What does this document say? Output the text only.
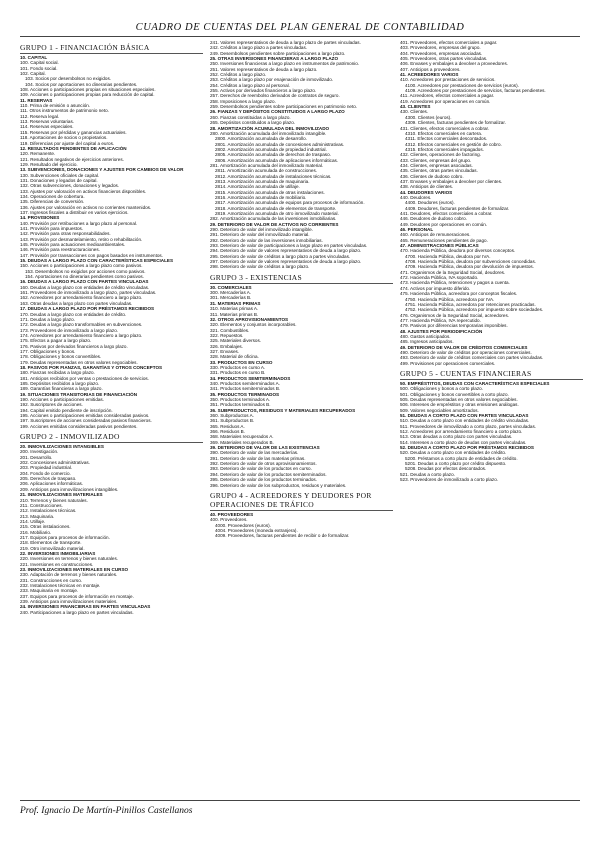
CUADRO DE CUENTAS DEL PLAN GENERAL DE CONTABILIDAD
GRUPO 1 - FINANCIACIÓN BÁSICA
10. CAPITAL
100. Capital social.
101. Fondo social.
102. Capital.
103. Socios por desembolsos no exigidos.
104. Socios por aportaciones no dinerarias pendientes.
108. Acciones o participaciones propias en situaciones especiales.
109. Acciones o participaciones propias para reducción de capital.
11. RESERVAS
110. Prima de emisión o asunción.
111. Otros instrumentos de patrimonio neto.
112. Reserva legal.
113. Reservas voluntarias.
114. Reservas especiales.
115. Reservas por pérdidas y ganancias actuariales.
118. Aportaciones de socios o propietarios.
119. Diferencias por ajuste del capital a euros.
12. RESULTADOS PENDIENTES DE APLICACIÓN
120. Remanente.
121. Resultados negativos de ejercicios anteriores.
129. Resultado del ejercicio.
13. SUBVENCIONES, DONACIONES Y AJUSTES POR CAMBIOS DE VALOR
130. Subvenciones oficiales de capital.
131. Donaciones y legados de capital.
132. Otras subvenciones, donaciones y legados.
133. Ajustes por valoración en activos financieros disponibles.
134. Operaciones de cobertura.
135. Diferencias de conversión.
136. Ajustes por valoración en activos no corrientes mantenidos.
137. Ingresos fiscales a distribuir en varios ejercicios.
14. PROVISIONES
140. Provisión por retribuciones a largo plazo al personal.
141. Provisión para impuestos.
142. Provisión para otras responsabilidades.
143. Provisión por desmantelamiento, retiro o rehabilitación.
145. Provisión para actuaciones medioambientales.
146. Provisión para reestructuraciones.
147. Provisión por transacciones con pagos basados en instrumentos.
15. DEUDAS A LARGO PLAZO CON CARACTERÍSTICAS ESPECIALES
150. Acciones o participaciones a largo plazo como pasivos.
153. Desembolsos no exigidos por acciones como pasivos.
154. Aportaciones no dinerarias pendientes como pasivos.
16. DEUDAS A LARGO PLAZO CON PARTES VINCULADAS
160. Deudas a largo plazo con entidades de crédito vinculadas.
161. Proveedores de inmovilizado a largo plazo, partes vinculadas.
162. Acreedores por arrendamiento financiero a largo plazo.
163. Otras deudas a largo plazo con partes vinculadas.
17. DEUDAS A LARGO PLAZO POR PRÉSTAMOS RECIBIDOS
170. Deudas a largo plazo con entidades de crédito.
171. Deudas a largo plazo.
172. Deudas a largo plazo transformables en subvenciones.
173. Proveedores de inmovilizado a largo plazo.
174. Acreedores por arrendamiento financiero a largo plazo.
175. Efectos a pagar a largo plazo.
176. Pasivos por derivados financieros a largo plazo.
177. Obligaciones y bonos.
178. Obligaciones y bonos convertibles.
179. Deudas representadas en otros valores negociables.
18. PASIVOS POR FIANZAS, GARANTÍAS Y OTROS CONCEPTOS
180. Fianzas recibidas a largo plazo.
181. Anticipos recibidos por ventas o prestaciones de servicios.
185. Depósitos recibidos a largo plazo.
189. Garantías financieras a largo plazo.
19. SITUACIONES TRANSITORIAS DE FINANCIACIÓN
190. Acciones o participaciones emitidas.
192. Suscriptores de acciones.
194. Capital emitido pendiente de inscripción.
195. Acciones o participaciones emitidas consideradas pasivos.
197. Suscriptores de acciones consideradas pasivos financieros.
199. Acciones emitidas consideradas pasivos pendientes.
GRUPO 2 - INMOVILIZADO
20. INMOVILIZACIONES INTANGIBLES
200. Investigación.
201. Desarrollo.
202. Concesiones administrativas.
203. Propiedad industrial.
204. Fondo de comercio.
205. Derechos de traspaso.
206. Aplicaciones informáticas.
209. Anticipos para inmovilizaciones intangibles.
21. INMOVILIZACIONES MATERIALES
210. Terrenos y bienes naturales.
211. Construcciones.
212. Instalaciones técnicas.
213. Maquinaria.
214. Utillaje.
215. Otras instalaciones.
216. Mobiliario.
217. Equipos para procesos de información.
218. Elementos de transporte.
219. Otro inmovilizado material.
22. INVERSIONES INMOBILIARIAS
220. Inversiones en terrenos y bienes naturales.
221. Inversiones en construcciones.
23. INMOVILIZACIONES MATERIALES EN CURSO
230. Adaptación de terrenos y bienes naturales.
231. Construcciones en curso.
232. Instalaciones técnicas en montaje.
233. Maquinaria en montaje.
237. Equipos para procesos de información en montaje.
239. Anticipos para inmovilizaciones materiales.
24. INVERSIONES FINANCIERAS EN PARTES VINCULADAS
240. Participaciones a largo plazo en partes vinculadas.
241. Valores representativos de deuda a largo plazo de partes vinculadas.
242. Créditos a largo plazo a partes vinculadas.
249. Desembolsos pendientes sobre participaciones a largo plazo.
25. OTRAS INVERSIONES FINANCIERAS A LARGO PLAZO
250. Inversiones financieras a largo plazo en instrumentos de patrimonio.
251. Valores representativos de deuda a largo plazo.
252. Créditos a largo plazo.
253. Créditos a largo plazo por enajenación de inmovilizado.
254. Créditos a largo plazo al personal.
255. Activos por derivados financieros a largo plazo.
257. Derechos de reembolso derivados de contratos de seguro.
258. Imposiciones a largo plazo.
259. Desembolsos pendientes sobre participaciones en patrimonio neto.
26. FIANZAS Y DEPÓSITOS CONSTITUIDOS A LARGO PLAZO
260. Fianzas constituidas a largo plazo.
265. Depósitos constituidos a largo plazo.
28. AMORTIZACIÓN ACUMULADA DEL INMOVILIZADO
280. Amortización acumulada del inmovilizado intangible.
2800. Amortización acumulada de desarrollo.
2801. Amortización acumulada de concesiones administrativas.
2802. Amortización acumulada de propiedad industrial.
2805. Amortización acumulada de derechos de traspaso.
2806. Amortización acumulada de aplicaciones informáticas.
281. Amortización acumulada del inmovilizado material.
2811. Amortización acumulada de construcciones.
2812. Amortización acumulada de instalaciones técnicas.
2813. Amortización acumulada de maquinaria.
2814. Amortización acumulada de utillaje.
2815. Amortización acumulada de otras instalaciones.
2816. Amortización acumulada de mobiliario.
2817. Amortización acumulada de equipos para procesos de información.
2818. Amortización acumulada de elementos de transporte.
2819. Amortización acumulada de otro inmovilizado material.
282. Amortización acumulada de las inversiones inmobiliarias.
29. DETERIORO DE VALOR DE ACTIVOS NO CORRIENTES
290. Deterioro de valor del inmovilizado intangible.
291. Deterioro de valor del inmovilizado material.
292. Deterioro de valor de las inversiones inmobiliarias.
293. Deterioro de valor de participaciones a largo plazo en partes vinculadas.
294. Deterioro de valor de valores representativos de deuda a largo plazo.
295. Deterioro de valor de créditos a largo plazo a partes vinculadas.
297. Deterioro de valor de valores representativos de deuda a largo plazo.
298. Deterioro de valor de créditos a largo plazo.
GRUPO 3 - EXISTENCIAS
30. COMERCIALES
300. Mercaderías A.
301. Mercaderías B.
31. MATERIAS PRIMAS
310. Materias primas A.
311. Materias primas B.
32. OTROS APROVISIONAMIENTOS
320. Elementos y conjuntos incorporables.
321. Combustibles.
322. Repuestos.
325. Materiales diversos.
326. Embalajes.
327. Envases.
328. Material de oficina.
33. PRODUCTOS EN CURSO
330. Productos en curso A.
331. Productos en curso B.
34. PRODUCTOS SEMITERMINADOS
340. Productos semiterminados A.
341. Productos semiterminados B.
35. PRODUCTOS TERMINADOS
350. Productos terminados A.
351. Productos terminados B.
36. SUBPRODUCTOS, RESIDUOS Y MATERIALES RECUPERADOS
360. Subproductos A.
361. Subproductos B.
365. Residuos A.
366. Residuos B.
368. Materiales recuperados A.
369. Materiales recuperados B.
39. DETERIORO DE VALOR DE LAS EXISTENCIAS
390. Deterioro de valor de las mercaderías.
391. Deterioro de valor de las materias primas.
392. Deterioro de valor de otros aprovisionamientos.
393. Deterioro de valor de los productos en curso.
394. Deterioro de valor de los productos semiterminados.
395. Deterioro de valor de los productos terminados.
396. Deterioro de valor de los subproductos, residuos y materiales.
GRUPO 4 - ACREEDORES Y DEUDORES POR OPERACIONES DE TRÁFICO
40. PROVEEDORES
400. Proveedores.
4000. Proveedores (euros).
4004. Proveedores (moneda extranjera).
4009. Proveedores, facturas pendientes de recibir o de formalizar.
401. Proveedores, efectos comerciales a pagar.
403. Proveedores, empresas del grupo.
404. Proveedores, empresas asociadas.
405. Proveedores, otras partes vinculadas.
406. Envases y embalajes a devolver a proveedores.
407. Anticipos a proveedores.
41. ACREEDORES VARIOS
410. Acreedores por prestaciones de servicios.
4100. Acreedores por prestaciones de servicios (euros).
4109. Acreedores por prestaciones de servicios, facturas pendientes.
411. Acreedores, efectos comerciales a pagar.
419. Acreedores por operaciones en común.
43. CLIENTES
430. Clientes.
4300. Clientes (euros).
4309. Clientes, facturas pendientes de formalizar.
431. Clientes, efectos comerciales a cobrar.
4310. Efectos comerciales en cartera.
4311. Efectos comerciales descontados.
4312. Efectos comerciales en gestión de cobro.
4315. Efectos comerciales impagados.
432. Clientes, operaciones de factoring.
433. Clientes, empresas del grupo.
434. Clientes, empresas asociadas.
435. Clientes, otras partes vinculadas.
436. Clientes de dudoso cobro.
437. Envases y embalajes a devolver por clientes.
438. Anticipos de clientes.
44. DEUDORES VARIOS
440. Deudores.
4400. Deudores (euros).
4409. Deudores, facturas pendientes de formalizar.
441. Deudores, efectos comerciales a cobrar.
446. Deudores de dudoso cobro.
449. Deudores por operaciones en común.
46. PERSONAL
460. Anticipos de remuneraciones.
465. Remuneraciones pendientes de pago.
47. ADMINISTRACIONES PÚBLICAS
470. Hacienda Pública, deudora por diversos conceptos.
4700. Hacienda Pública, deudora por IVA.
4708. Hacienda Pública, deudora por subvenciones concedidas.
4709. Hacienda Pública, deudora por devolución de impuestos.
471. Organismos de la Seguridad Social, deudores.
472. Hacienda Pública, IVA soportado.
473. Hacienda Pública, retenciones y pagos a cuenta.
474. Activos por impuesto diferido.
475. Hacienda Pública, acreedora por conceptos fiscales.
4750. Hacienda Pública, acreedora por IVA.
4751. Hacienda Pública, acreedora por retenciones practicadas.
4752. Hacienda Pública, acreedora por impuesto sobre sociedades.
476. Organismos de la Seguridad Social, acreedores.
477. Hacienda Pública, IVA repercutido.
479. Pasivos por diferencias temporarias imponibles.
48. AJUSTES POR PERIODIFICACIÓN
480. Gastos anticipados.
485. Ingresos anticipados.
49. DETERIORO DE VALOR DE CRÉDITOS COMERCIALES
490. Deterioro de valor de créditos por operaciones comerciales.
493. Deterioro de valor de créditos comerciales con partes vinculadas.
499. Provisiones por operaciones comerciales.
GRUPO 5 - CUENTAS FINANCIERAS
50. EMPRÉSTITOS, DEUDAS CON CARACTERÍSTICAS ESPECIALES
500. Obligaciones y bonos a corto plazo.
501. Obligaciones y bonos convertibles a corto plazo.
505. Deudas representadas en otros valores negociables.
506. Intereses de empréstitos y otras emisiones análogas.
509. Valores negociables amortizados.
51. DEUDAS A CORTO PLAZO CON PARTES VINCULADAS
510. Deudas a corto plazo con entidades de crédito vinculadas.
511. Proveedores de inmovilizado a corto plazo, partes vinculadas.
512. Acreedores por arrendamiento financiero a corto plazo.
513. Otras deudas a corto plazo con partes vinculadas.
514. Intereses a corto plazo de deudas con partes vinculadas.
52. DEUDAS A CORTO PLAZO POR PRÉSTAMOS RECIBIDOS
520. Deudas a corto plazo con entidades de crédito.
5200. Préstamos a corto plazo de entidades de crédito.
5201. Deudas a corto plazo por crédito dispuesto.
5208. Deudas por efectos descontados.
521. Deudas a corto plazo.
523. Proveedores de inmovilizado a corto plazo.
Prof. Ignacio De Martín-Pinillos Castellanos
